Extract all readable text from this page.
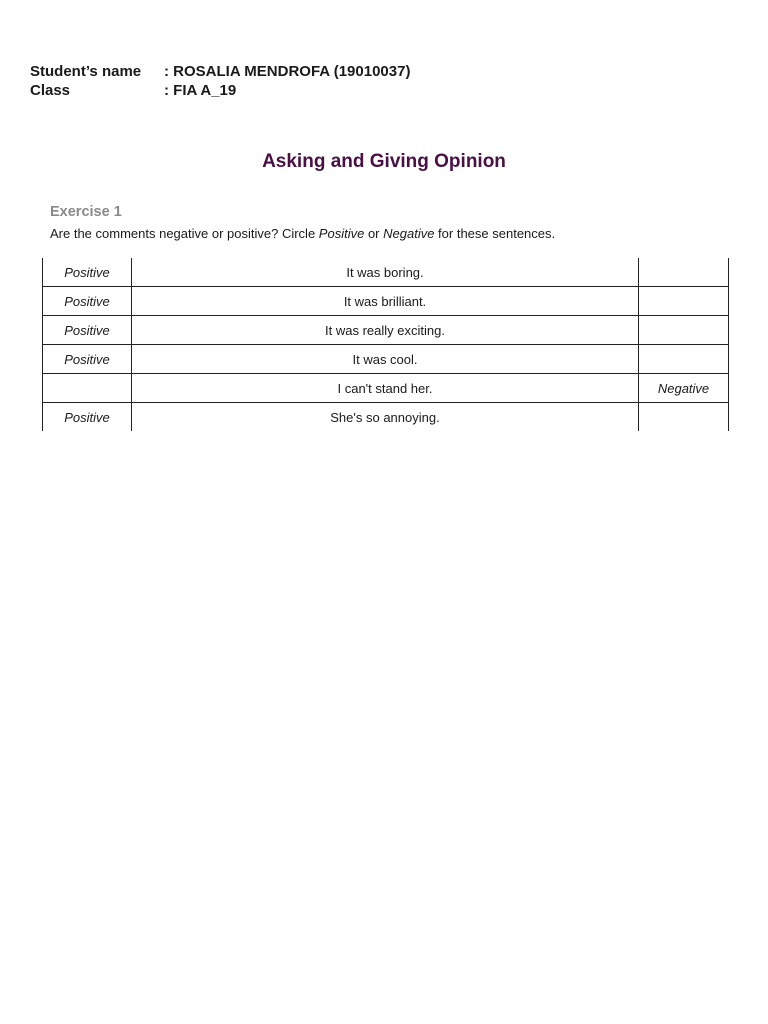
Student’s name	: ROSALIA MENDROFA (19010037)
Class	: FIA A_19
Asking and Giving Opinion
Exercise 1
Are the comments negative or positive? Circle Positive or Negative for these sentences.
Positive	It was boring.	
Positive	It was brilliant.	
Positive	It was really exciting.	
Positive	It was cool.	
	I can't stand her.	Negative
Positive	She's so annoying.	
